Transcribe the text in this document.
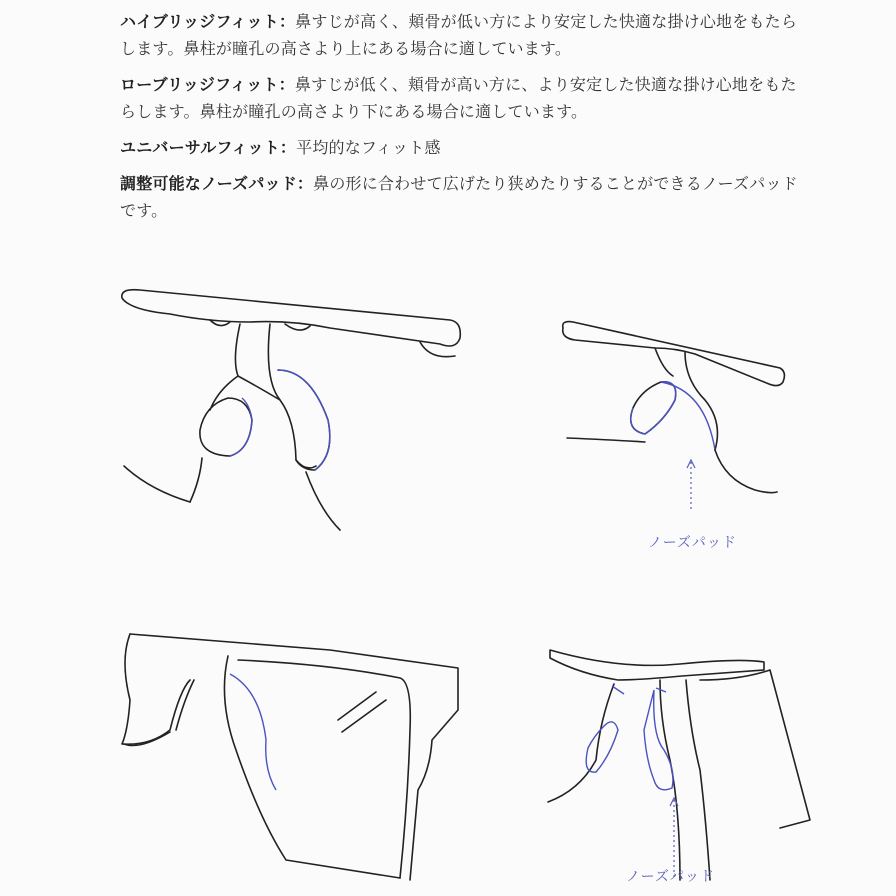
ハイブリッジフィット：鼻すじが高く、頬骨が低い方により安定した快適な掛け心地をもたらします。鼻柱が瞳孔の高さより上にある場合に適しています。

ローブリッジフィット：鼻すじが低く、頬骨が高い方に、より安定した快適な掛け心地をもたらします。鼻柱が瞳孔の高さより下にある場合に適しています。

ユニバーサルフィット：平均的なフィット感

調整可能なノーズパッド：鼻の形に合わせて広げたり狭めたりすることができるノーズパッドです。

ノーズパッド
ノーズパッド
